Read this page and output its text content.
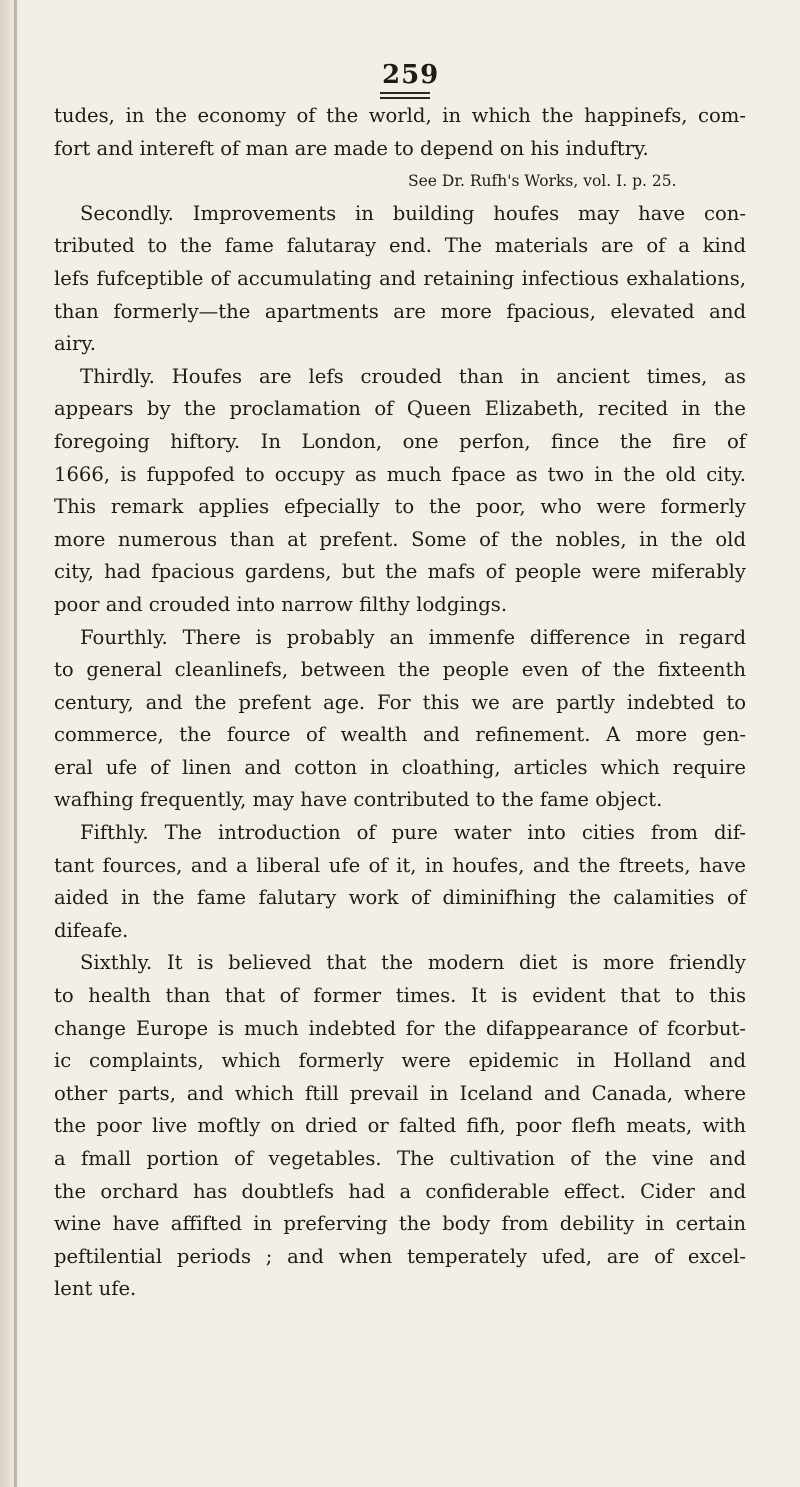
259
tudes, in the economy of the world, in which the happinefs, com-
fort and intereft of man are made to depend on his induftry.
See Dr. Rufh's Works, vol. I. p. 25.
Secondly. Improvements in building houfes may have con-
tributed to the fame falutaray end. The materials are of a kind
lefs fufceptible of accumulating and retaining infectious exhalations,
than formerly—the apartments are more fpacious, elevated and
airy.
Thirdly. Houfes are lefs crouded than in ancient times, as
appears by the proclamation of Queen Elizabeth, recited in the
foregoing hiftory. In London, one perfon, fince the fire of
1666, is fuppofed to occupy as much fpace as two in the old city.
This remark applies efpecially to the poor, who were formerly
more numerous than at prefent. Some of the nobles, in the old
city, had fpacious gardens, but the mafs of people were miferably
poor and crouded into narrow filthy lodgings.
Fourthly. There is probably an immenfe difference in regard
to general cleanlinefs, between the people even of the fixteenth
century, and the prefent age. For this we are partly indebted to
commerce, the fource of wealth and refinement. A more gen-
eral ufe of linen and cotton in cloathing, articles which require
wafhing frequently, may have contributed to the fame object.
Fifthly. The introduction of pure water into cities from dif-
tant fources, and a liberal ufe of it, in houfes, and the ftreets, have
aided in the fame falutary work of diminifhing the calamities of
difeafe.
Sixthly. It is believed that the modern diet is more friendly
to health than that of former times. It is evident that to this
change Europe is much indebted for the difappearance of fcorbut-
ic complaints, which formerly were epidemic in Holland and
other parts, and which ftill prevail in Iceland and Canada, where
the poor live moftly on dried or falted fifh, poor flefh meats, with
a fmall portion of vegetables. The cultivation of the vine and
the orchard has doubtlefs had a confiderable effect. Cider and
wine have affifted in preferving the body from debility in certain
peftilential periods ; and when temperately ufed, are of excel-
lent ufe.
